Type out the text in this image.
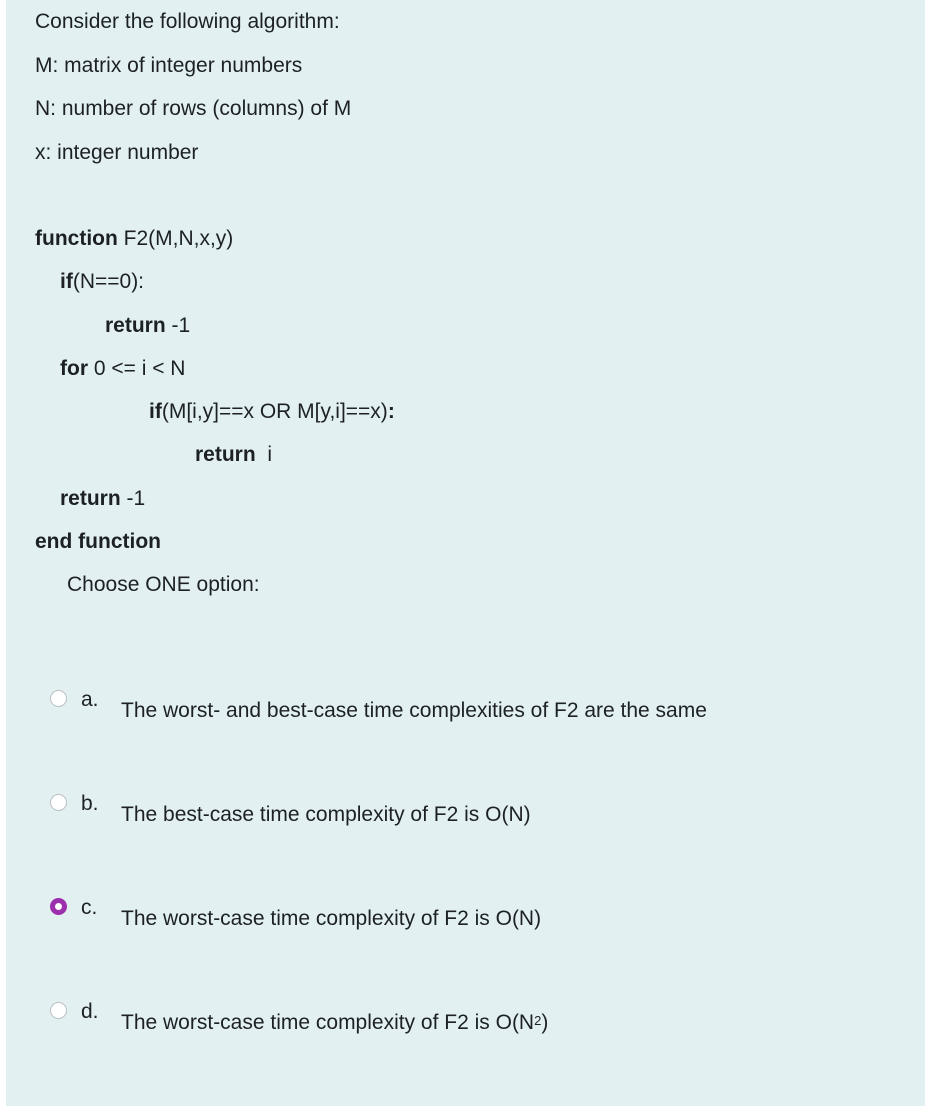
Consider the following algorithm:
M: matrix of integer numbers
N: number of rows (columns) of M
x: integer number
function F2(M,N,x,y)
if(N==0):
return -1
for 0 <= i < N
if(M[i,y]==x OR M[y,i]==x):
return  i
return -1
end function
Choose ONE option:
a. The worst- and best-case time complexities of F2 are the same
b. The best-case time complexity of F2 is O(N)
c. The worst-case time complexity of F2 is O(N)
d. The worst-case time complexity of F2 is $O(N^2)$
